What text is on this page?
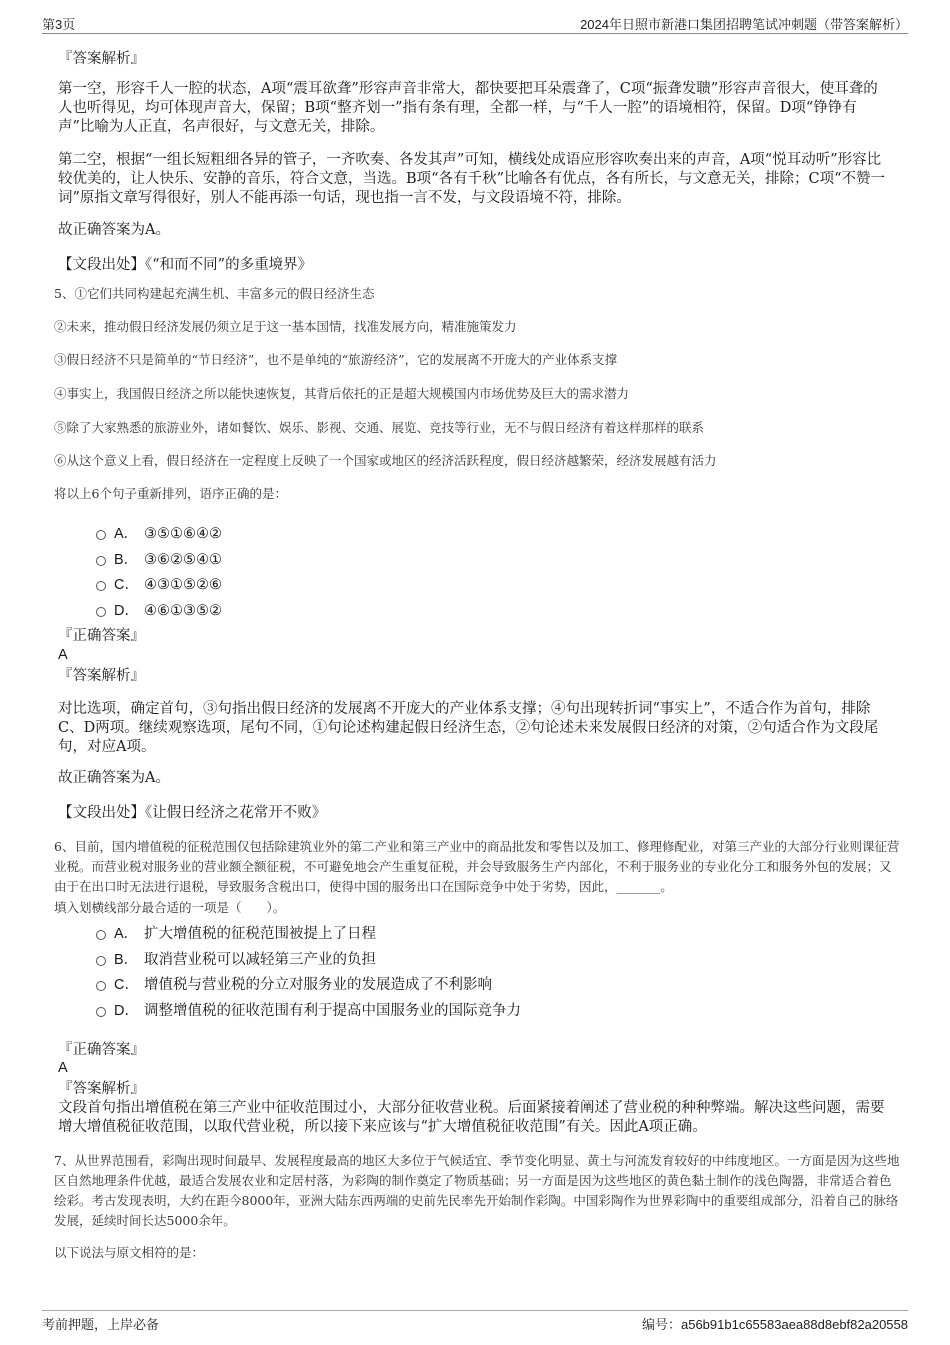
第3页	2024年日照市新港口集团招聘笔试冲刺题（带答案解析）
『答案解析』

第一空，形容千人一腔的状态，A项“震耳欲聋”形容声音非常大，都快要把耳朵震聋了，C项“振聋发聩”形容声音很大，使耳聋的人也听得见，均可体现声音大，保留；B项“整齐划一”指有条有理，全都一样，与“千人一腔”的语境相符，保留。D项“铮铮有声”比喻为人正直，名声很好，与文意无关，排除。

第二空，根据“一组长短粗细各异的管子，一齐吹奏、各发其声”可知，横线处成语应形容吹奏出来的声音，A项“悦耳动听”形容比较优美的，让人快乐、安静的音乐，符合文意，当选。B项“各有千秋”比喻各有优点，各有所长，与文意无关，排除；C项“不赞一词”原指文章写得很好，别人不能再添一句话，现也指一言不发，与文段语境不符，排除。

故正确答案为A。
【文段出处】《“和而不同”的多重境界》
5、①它们共同构建起充满生机、丰富多元的假日经济生态
②未来，推动假日经济发展仍须立足于这一基本国情，找准发展方向，精准施策发力
③假日经济不只是简单的“节日经济”，也不是单纯的“旅游经济”，它的发展离不开庞大的产业体系支撑
④事实上，我国假日经济之所以能快速恢复，其背后依托的正是超大规模国内市场优势及巨大的需求潜力
⑤除了大家熟悉的旅游业外，诸如餐饮、娱乐、影视、交通、展览、竞技等行业，无不与假日经济有着这样那样的联系
⑥从这个意义上看，假日经济在一定程度上反映了一个国家或地区的经济活跃程度，假日经济越繁荣，经济发展越有活力
将以上6个句子重新排列，语序正确的是：
A． ③⑤①⑥④②
B． ③⑥②⑤④①
C． ④③①⑤②⑥
D． ④⑥①③⑤②
『正确答案』
A
『答案解析』

对比选项，确定首句，③句指出假日经济的发展离不开庞大的产业体系支撑；④句出现转折词“事实上”，不适合作为首句，排除C、D两项。继续观察选项，尾句不同，①句论述构建起假日经济生态，②句论述未来发展假日经济的对策，②句适合作为文段尾句，对应A项。

故正确答案为A。
【文段出处】《让假日经济之花常开不败》

6、目前，国内增值税的征税范围仅包括除建筑业外的第二产业和第三产业中的商品批发和零售以及加工、修理修配业，对第三产业的大部分行业则课征营业税。而营业税对服务业的营业额全额征税，不可避免地会产生重复征税，并会导致服务生产内部化，不利于服务业的专业化分工和服务外包的发展；又由于在出口时无法进行退税，导致服务含税出口，使得中国的服务出口在国际竞争中处于劣势，因此，_______。

填入划横线部分最合适的一项是（　　）。
A． 扩大增值税的征税范围被提上了日程
B． 取消营业税可以减轻第三产业的负担
C． 增值税与营业税的分立对服务业的发展造成了不利影响
D． 调整增值税的征收范围有利于提高中国服务业的国际竞争力
『正确答案』
A
『答案解析』

文段首句指出增值税在第三产业中征收范围过小，大部分征收营业税。后面紧接着阐述了营业税的种种弊端。解决这些问题，需要增大增值税征收范围，以取代营业税，所以接下来应该与“扩大增值税征收范围”有关。因此A项正确。

7、从世界范围看，彩陶出现时间最早、发展程度最高的地区大多位于气候适宜、季节变化明显、黄土与河流发育较好的中纬度地区。一方面是因为这些地区自然地理条件优越，最适合发展农业和定居村落，为彩陶的制作奠定了物质基础；另一方面是因为这些地区的黄色黏土制作的浅色陶器，非常适合着色绘彩。考古发现表明，大约在距今8000年，亚洲大陆东西两端的史前先民率先开始制作彩陶。中国彩陶作为世界彩陶中的重要组成部分，沿着自己的脉络发展，延续时间长达5000余年。

以下说法与原文相符的是：
考前押题，上岸必备	编号：a56b91b1c65583aea88d8ebf82a20558
